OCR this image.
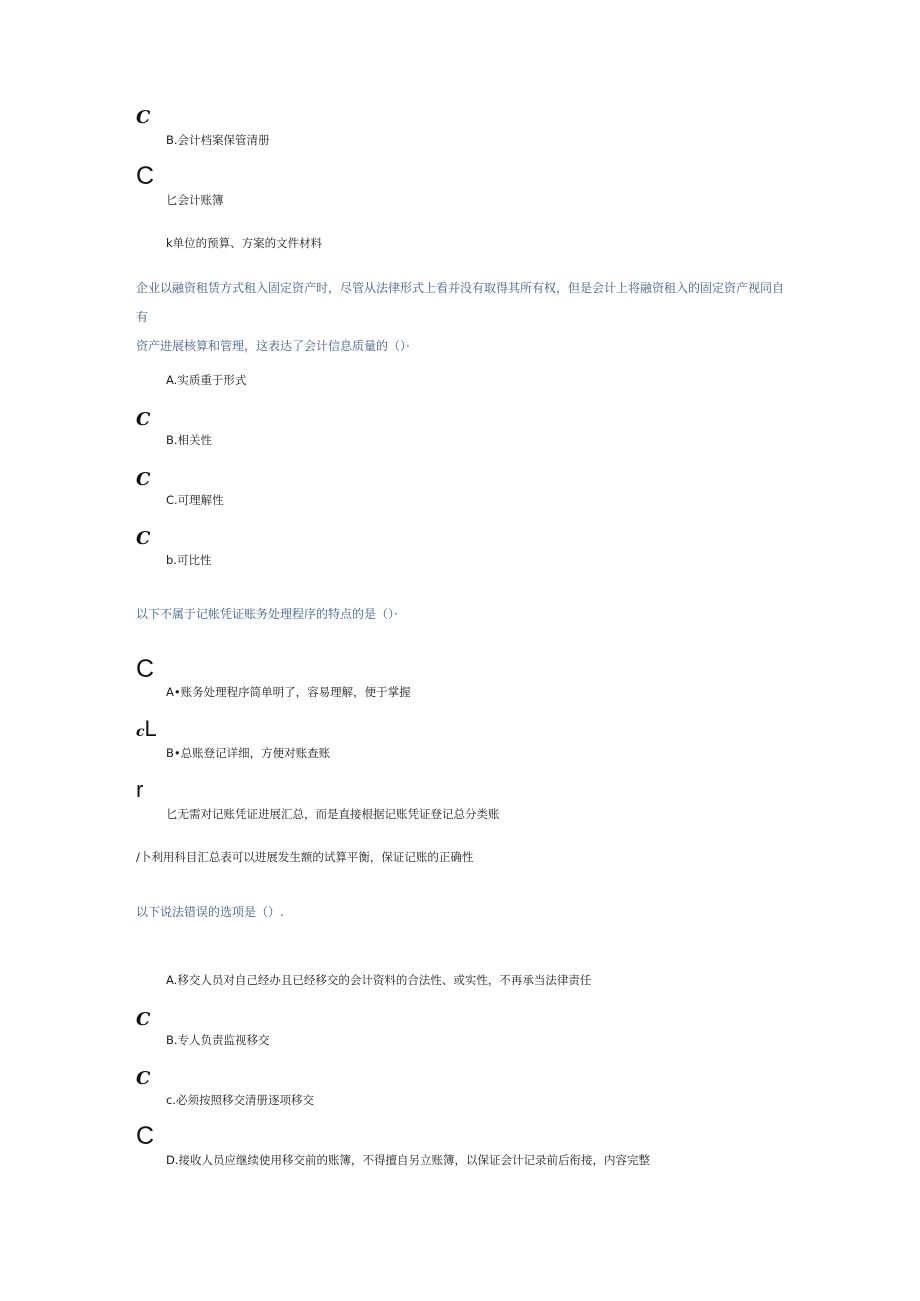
C
B.会计档案保管清册
C
匕会计账簿
k单位的预算、方案的文件材料
企业以融资租赁方式租入固定资产时，尽管从法律形式上看并没有取得其所有权，但是会计上将融资租入的固定资产视同自有
资产进展核算和管理，这表达了会计信息质量的（）·
A.实质重于形式
C
B.相关性
C
C.可理解性
C
b.可比性
以下不属于记帐凭证账务处理程序的特点的是（）·
C
A•账务处理程序简单明了，容易理解，便于掌握
cL
B•总账登记详细，方便对账查账
r
匕无需对记账凭证进展汇总，而是直接根据记账凭证登记总分类账
/卜利用科目汇总表可以进展发生额的试算平衡，保证记账的正确性
以下说法错误的选项是（）.
A.移交人员对自己经办且已经移交的会计资料的合法性、或实性，不再承当法律责任
C
B.专人负责监视移交
C
c.必须按照移交清册逐项移交
C
D.接收人员应继续使用移交前的账簿，不得擅自另立账簿，以保证会计记录前后衔接，内容完整
